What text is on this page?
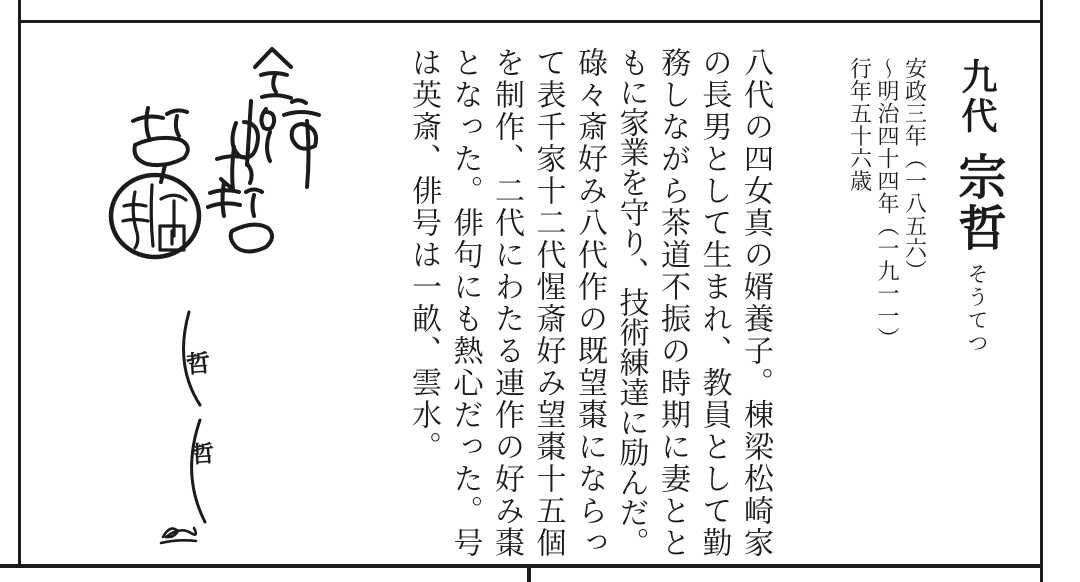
九代宗哲そうてつ
安政三年（一八五六）
〜明治四十四年（一九一一）
行年五十六歳
八代の四女真の婿養子。棟梁松崎家
の長男として生まれ、教員として勤
務しながら茶道不振の時期に妻とと
もに家業を守り、技術練達に励んだ。
碌々斎好み八代作の既望棗にならっ
て表千家十二代惺斎好み望棗十五個
を制作、二代にわたる連作の好み棗
となった。俳句にも熱心だった。号
は英斎、俳号は一畝、雲水。
哲
哲
